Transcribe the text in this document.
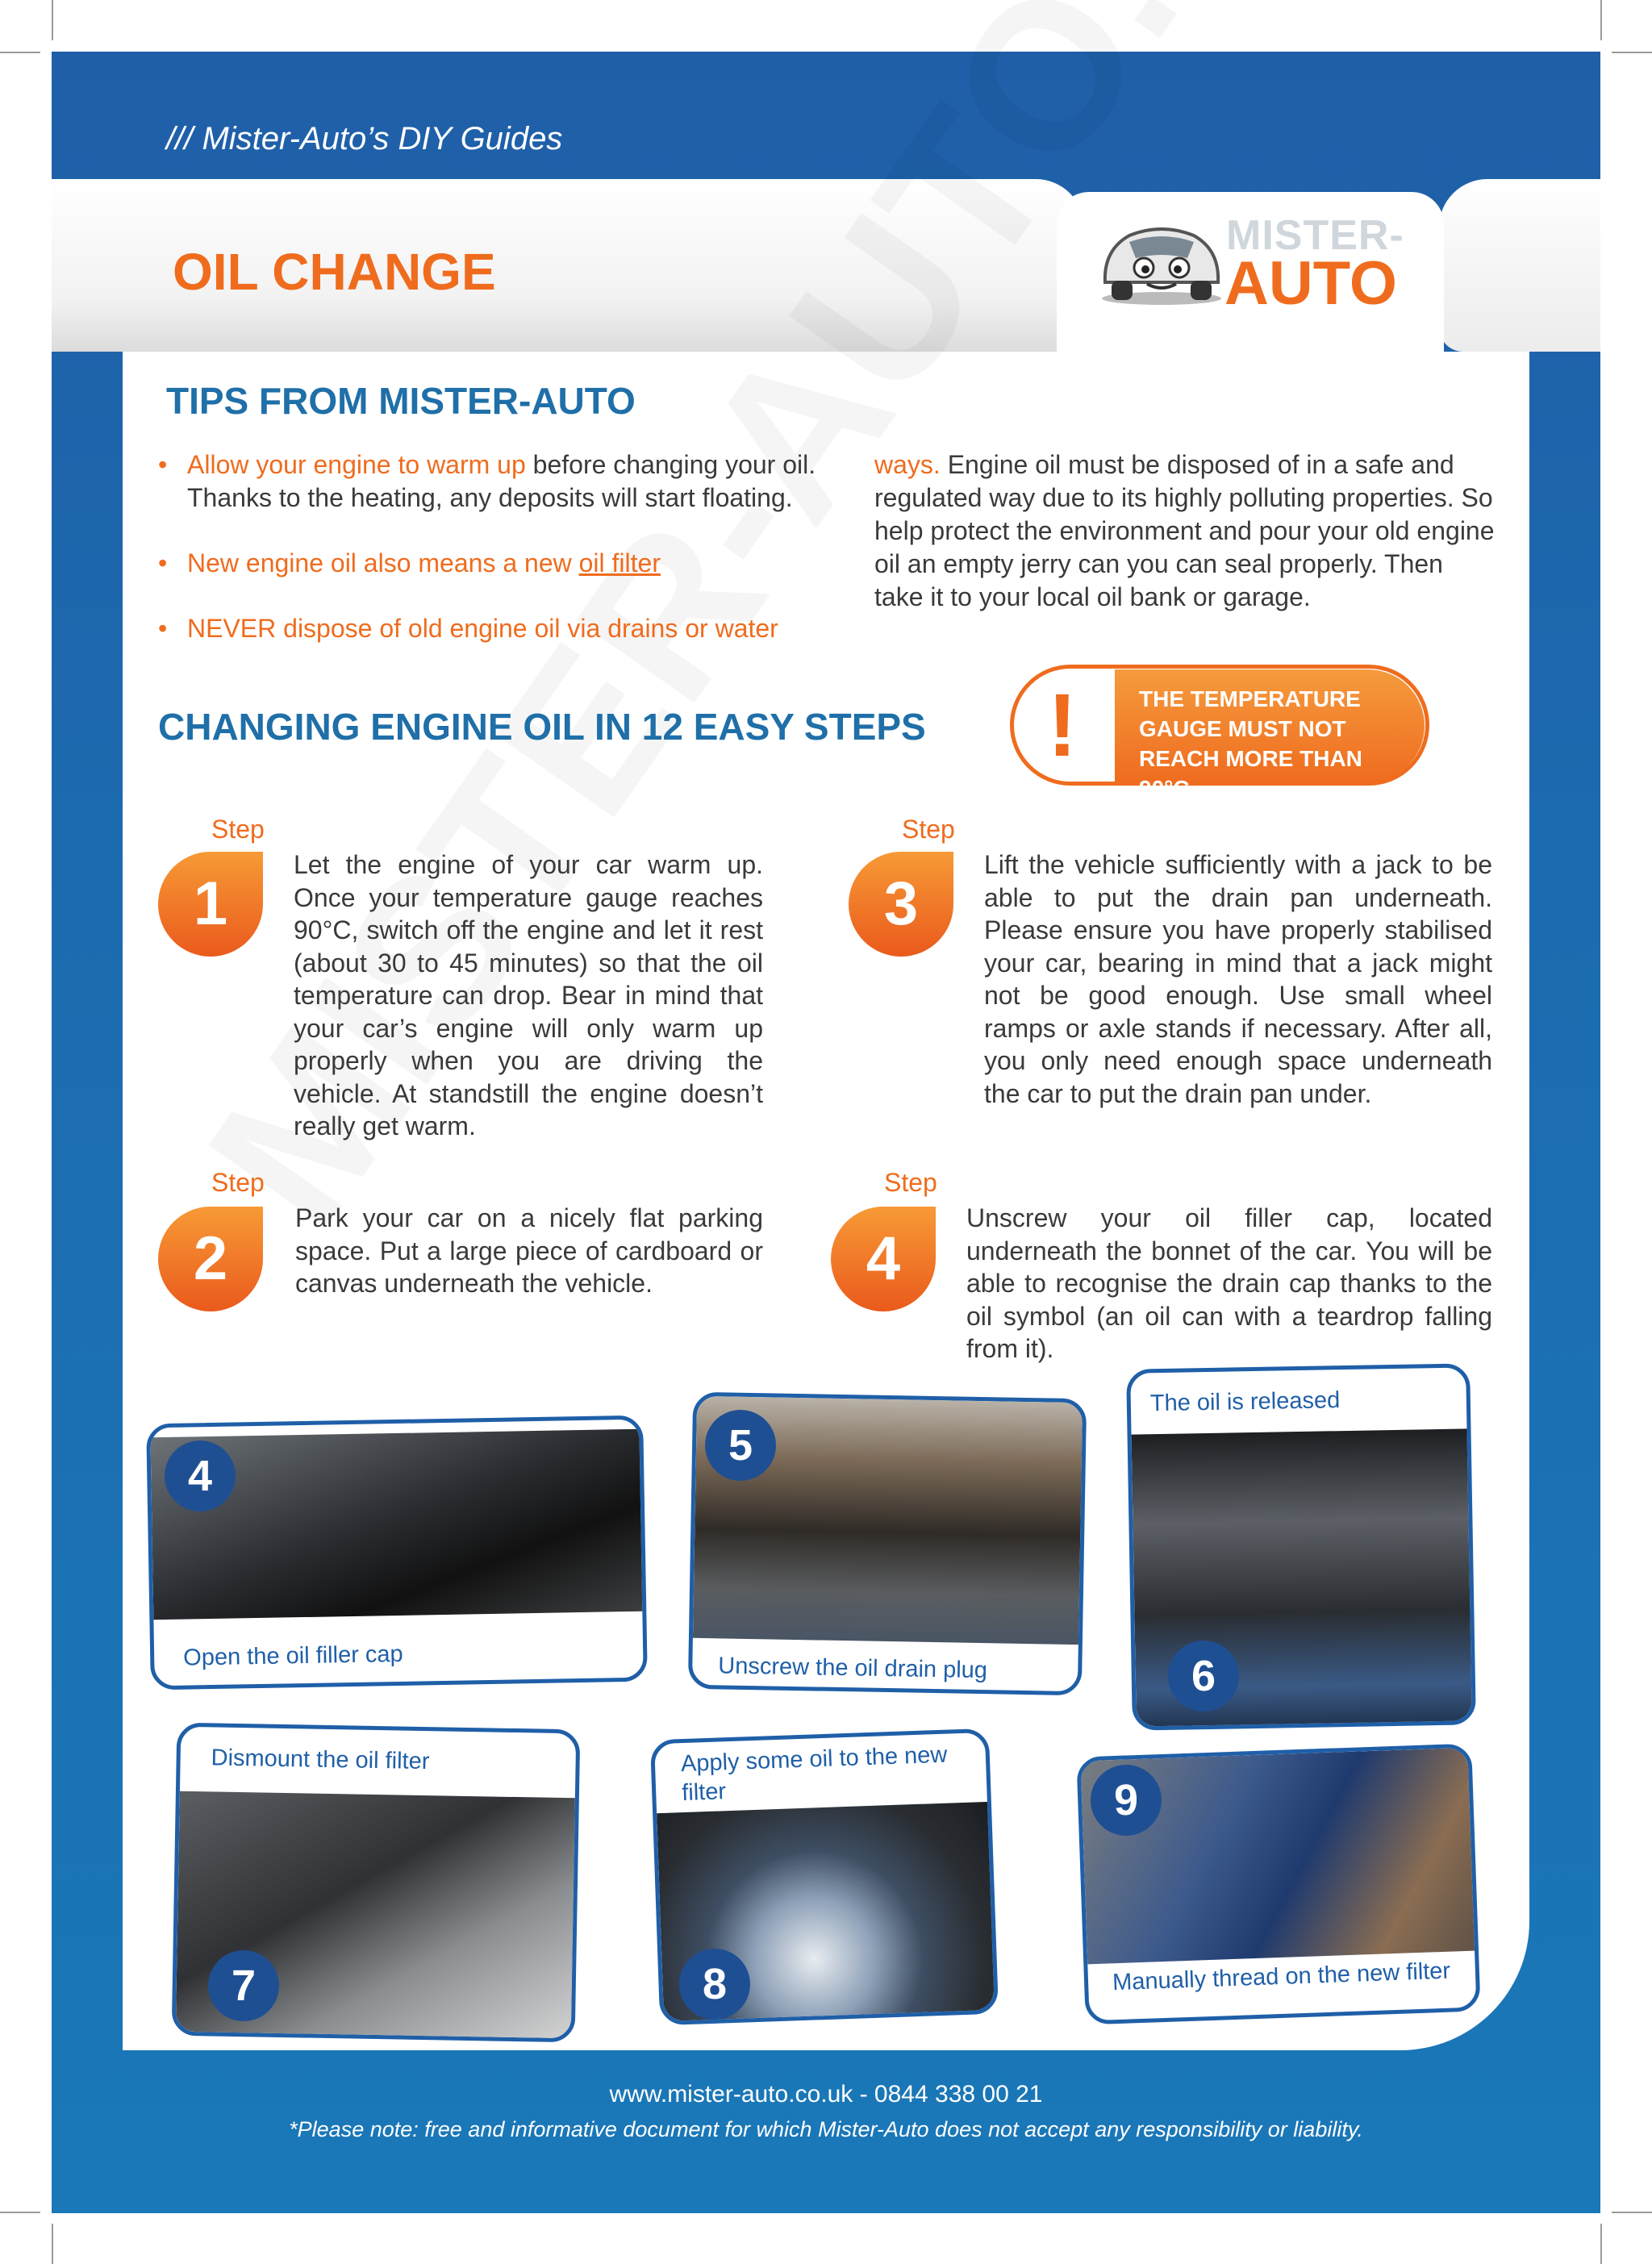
/// Mister-Auto’s DIY Guides
OIL CHANGE
MISTER-
AUTO
TIPS FROM MISTER-AUTO
• Allow your engine to warm up before changing your oil. Thanks to the heating, any deposits will start floating.
• New engine oil also means a new oil filter
• NEVER dispose of old engine oil via drains or water
ways. Engine oil must be disposed of in a safe and regulated way due to its highly polluting properties. So help protect the environment and pour your old engine oil an empty jerry can you can seal properly. Then take it to your local oil bank or garage.
CHANGING ENGINE OIL IN 12 EASY STEPS	!	THE TEMPERATURE GAUGE MUST NOT REACH MORE THAN 90°C
Step
1
Let the engine of your car warm up. Once your temperature gauge reaches 90°C, switch off the engine and let it rest (about 30 to 45 minutes) so that the oil temperature can drop. Bear in mind that your car’s engine will only warm up properly when you are driving the vehicle. At standstill the engine doesn’t really get warm.
Step
3
Lift the vehicle sufficiently with a jack to be able to put the drain pan underneath. Please ensure you have properly stabilised your car, bearing in mind that a jack might not be good enough. Use small wheel ramps or axle stands if necessary. After all, you only need enough space underneath the car to put the drain pan under.
Step
2
Park your car on a nicely flat parking space. Put a large piece of cardboard or canvas underneath the vehicle.
Step
4
Unscrew your oil filler cap, located underneath the bonnet of the car. You will be able to recognise the drain cap thanks to the oil symbol (an oil can with a teardrop falling from it).
Open the oil filler cap
4
Unscrew the oil drain plug
5
The oil is released
6
Dismount the oil filter
7
Apply some oil to the new filter
8	Manually thread on the new filter
9
www.mister-auto.co.uk - 0844 338 00 21
*Please note: free and informative document for which Mister-Auto does not accept any responsibility or liability.
